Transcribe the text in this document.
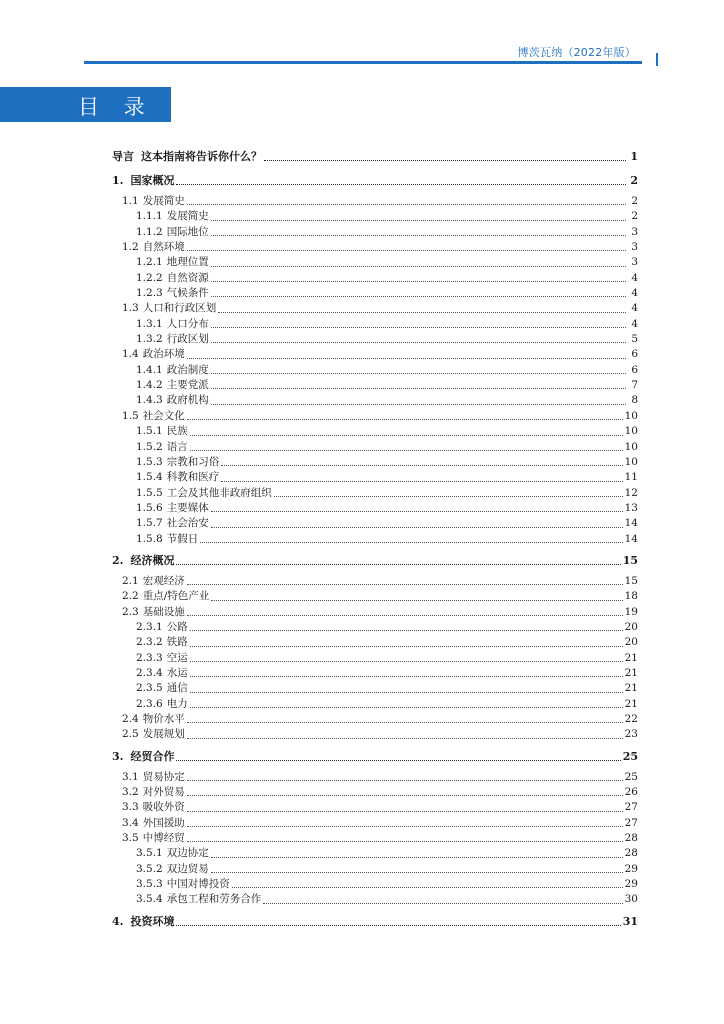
博茨瓦纳（2022年版）
目 录
导言 这本指南将告诉你什么？	1
1. 国家概况	2
1.1 发展简史	2
1.1.1 发展简史	2
1.1.2 国际地位	3
1.2 自然环境	3
1.2.1 地理位置	3
1.2.2 自然资源	4
1.2.3 气候条件	4
1.3 人口和行政区划	4
1.3.1 人口分布	4
1.3.2 行政区划	5
1.4 政治环境	6
1.4.1 政治制度	6
1.4.2 主要党派	7
1.4.3 政府机构	8
1.5 社会文化	10
1.5.1 民族	10
1.5.2 语言	10
1.5.3 宗教和习俗	10
1.5.4 科教和医疗	11
1.5.5 工会及其他非政府组织	12
1.5.6 主要媒体	13
1.5.7 社会治安	14
1.5.8 节假日	14
2. 经济概况	15
2.1 宏观经济	15
2.2 重点/特色产业	18
2.3 基础设施	19
2.3.1 公路	20
2.3.2 铁路	20
2.3.3 空运	21
2.3.4 水运	21
2.3.5 通信	21
2.3.6 电力	21
2.4 物价水平	22
2.5 发展规划	23
3. 经贸合作	25
3.1 贸易协定	25
3.2 对外贸易	26
3.3 吸收外资	27
3.4 外国援助	27
3.5 中博经贸	28
3.5.1 双边协定	28
3.5.2 双边贸易	29
3.5.3 中国对博投资	29
3.5.4 承包工程和劳务合作	30
4. 投资环境	31
